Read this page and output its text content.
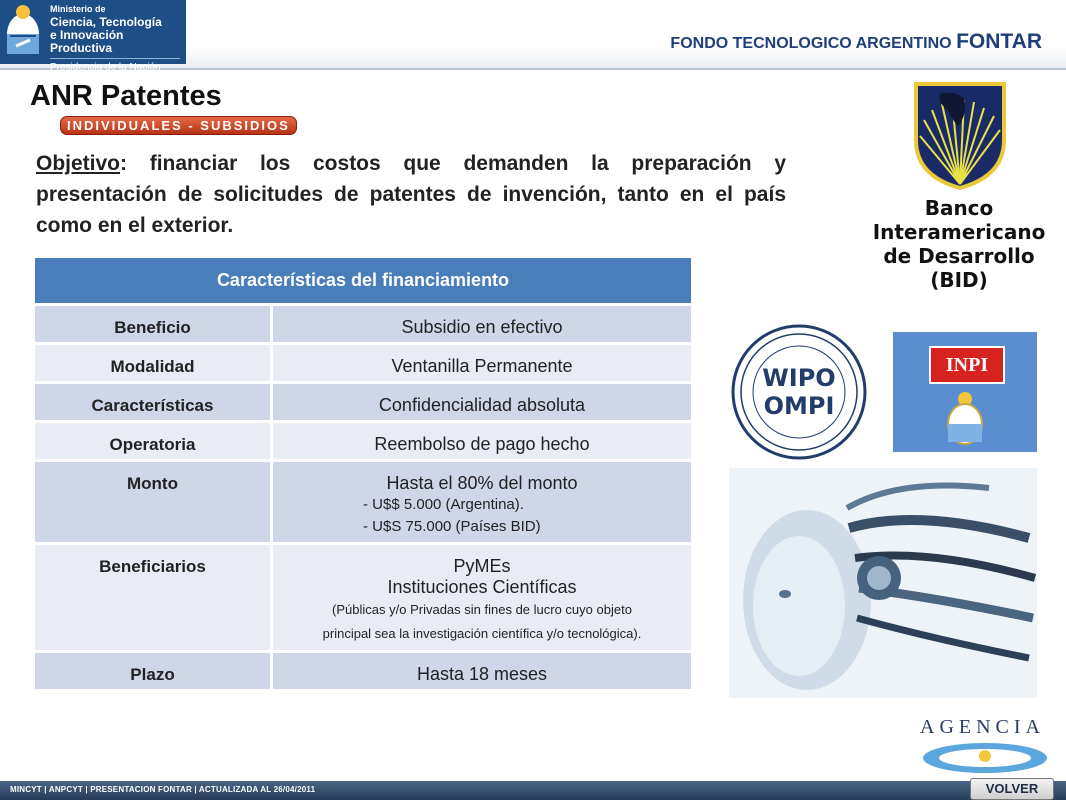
Ministerio de
Ciencia, Tecnología
e Innovación Productiva
Presidencia de la Nación
FONDO TECNOLOGICO ARGENTINO FONTAR
ANR Patentes
INDIVIDUALES - SUBSIDIOS
Objetivo: financiar los costos que demanden la preparación y presentación de solicitudes de patentes de invención, tanto en el país como en el exterior.
Características del financiamiento	
Beneficio	Subsidio en efectivo
Modalidad	Ventanilla Permanente
Características	Confidencialidad absoluta
Operatoria	Reembolso de pago hecho
Monto	Hasta el 80% del monto
- U$$ 5.000 (Argentina).
- U$S 75.000 (Países BID)

Beneficiarios	PyMEs
Instituciones Científicas
(Públicas y/o Privadas sin fines de lucro cuyo objeto
principal sea la investigación científica y/o tecnológica).

Plazo	Hasta 18 meses
Banco
Interamericano
de Desarrollo
(BID)
WIPO
OMPI
INPI
AGENCIA
MINCYT | ANPCYT | PRESENTACION FONTAR | ACTUALIZADA AL 26/04/2011	VOLVER
